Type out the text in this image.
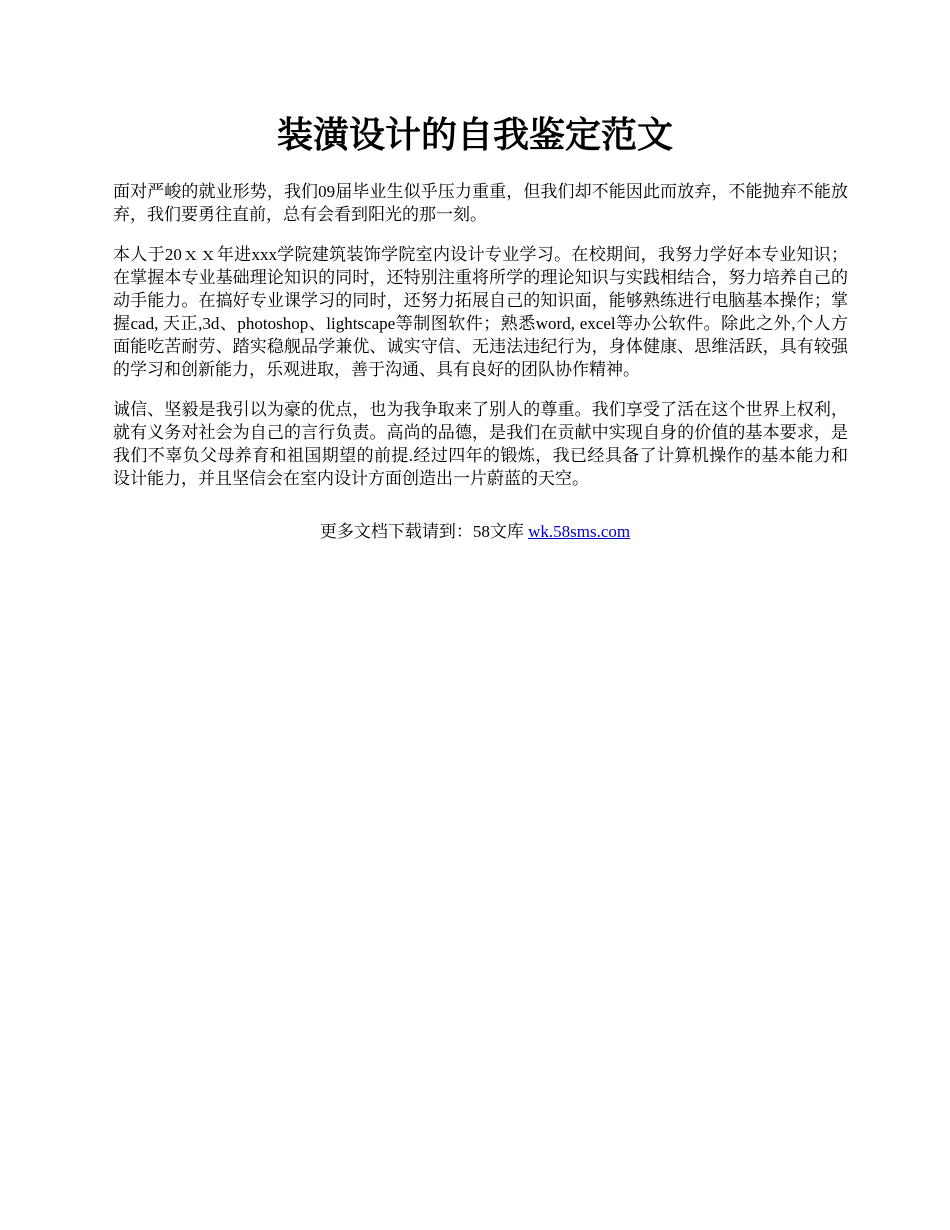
装潢设计的自我鉴定范文

面对严峻的就业形势，我们09届毕业生似乎压力重重，但我们却不能因此而放弃，不能抛弃不能放弃，我们要勇往直前，总有会看到阳光的那一刻。

本人于20ｘｘ年进xxx学院建筑装饰学院室内设计专业学习。在校期间，我努力学好本专业知识；在掌握本专业基础理论知识的同时，还特别注重将所学的理论知识与实践相结合，努力培养自己的动手能力。在搞好专业课学习的同时，还努力拓展自己的知识面，能够熟练进行电脑基本操作；掌握cad, 天正,3d、photoshop、lightscape等制图软件；熟悉word, excel等办公软件。除此之外,个人方面能吃苦耐劳、踏实稳舰品学兼优、诚实守信、无违法违纪行为，身体健康、思维活跃，具有较强的学习和创新能力，乐观进取，善于沟通、具有良好的团队协作精神。

诚信、坚毅是我引以为豪的优点，也为我争取来了别人的尊重。我们享受了活在这个世界上权利，就有义务对社会为自己的言行负责。高尚的品德，是我们在贡献中实现自身的价值的基本要求，是我们不辜负父母养育和祖国期望的前提.经过四年的锻炼，我已经具备了计算机操作的基本能力和设计能力，并且坚信会在室内设计方面创造出一片蔚蓝的天空。

更多文档下载请到：58文库 wk.58sms.com
